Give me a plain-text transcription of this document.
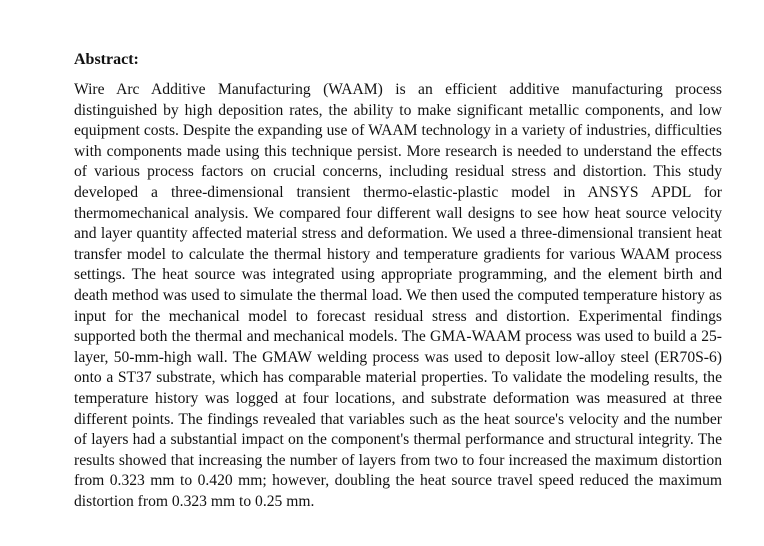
Abstract:

Wire Arc Additive Manufacturing (WAAM) is an efficient additive manufacturing process distinguished by high deposition rates, the ability to make significant metallic components, and low equipment costs. Despite the expanding use of WAAM technology in a variety of industries, difficulties with components made using this technique persist. More research is needed to understand the effects of various process factors on crucial concerns, including residual stress and distortion. This study developed a three-dimensional transient thermo-elastic-plastic model in ANSYS APDL for thermomechanical analysis. We compared four different wall designs to see how heat source velocity and layer quantity affected material stress and deformation. We used a three-dimensional transient heat transfer model to calculate the thermal history and temperature gradients for various WAAM process settings. The heat source was integrated using appropriate programming, and the element birth and death method was used to simulate the thermal load. We then used the computed temperature history as input for the mechanical model to forecast residual stress and distortion. Experimental findings supported both the thermal and mechanical models. The GMA-WAAM process was used to build a 25-layer, 50-mm-high wall. The GMAW welding process was used to deposit low-alloy steel (ER70S-6) onto a ST37 substrate, which has comparable material properties. To validate the modeling results, the temperature history was logged at four locations, and substrate deformation was measured at three different points. The findings revealed that variables such as the heat source's velocity and the number of layers had a substantial impact on the component's thermal performance and structural integrity. The results showed that increasing the number of layers from two to four increased the maximum distortion from 0.323 mm to 0.420 mm; however, doubling the heat source travel speed reduced the maximum distortion from 0.323 mm to 0.25 mm.
